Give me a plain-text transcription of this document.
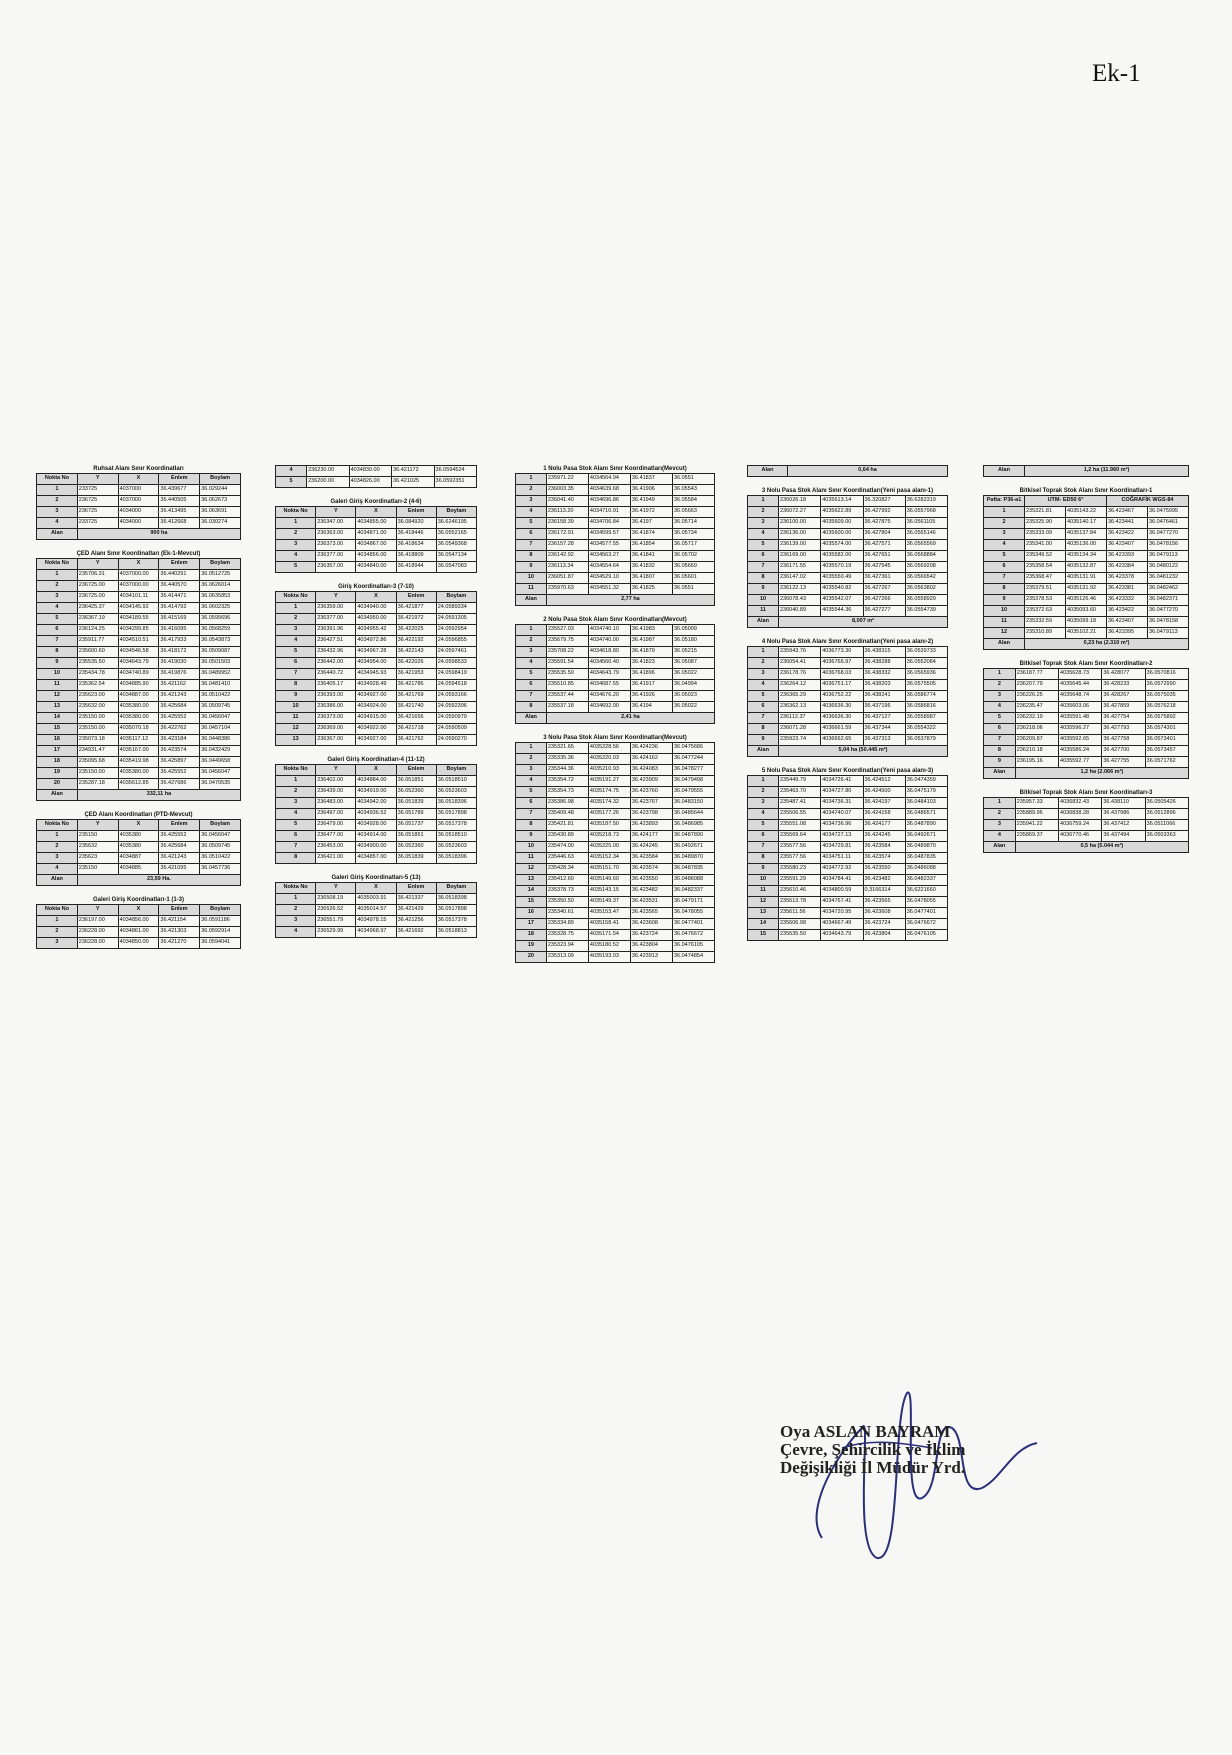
Ek-1
Ruhsat Alanı Sınır Koordinatları
Nokta No	Y	X	Enlem	Boylam
1	233725	4037000	36.439677	36.029244
2	236725	4037000	36.440505	36.062673
3	236725	4034000	36.413495	36.063691
4	233725	4034000	36.412668	36.030274
Alan	900 ha			
ÇED Alanı Sınır Koordinatları (Ek-1-Mevcut)
Nokta No	Y	X	Enlem	Boylam
1	235706.31	4037000.00	36.440291	36.0512725
2	236725.00	4037000.00	36.440570	36.0626014
3	236725.00	4034101.11	36.414471	36.0635853
4	236425.37	4034145.92	36.414792	36.0602325
5	236367.19	4034189.55	36.415169	36.0595696
6	236124.25	4034299.85	36.416095	36.0568259
7	235911.77	4034510.51	36.417933	36.0543873
8	235600.60	4034546.58	36.418172	36.0509087
9	235535.50	4034643.79	36.419030	36.0501503
10	235434.78	4034740.89	36.419876	36.0489952
11	235362.54	4034885.90	36.421162	36.0481410
12	235623.00	4034887.00	36.421243	36.0510422
13	235632.00	4035380.00	36.425684	36.0509745
14	235150.00	4035380.00	36.425552	36.0456047
15	235150.00	4035070.18	36.422762	36.0457104
16	235073.18	4035117.12	36.423184	36.0448386
17	234931.47	4035167.00	36.423574	36.0432429
18	235095.68	4035419.98	36.425897	36.0449658
19	235150.00	4035380.00	36.425552	36.0456047
20	235287.18	4035612.85	36.427686	36.0470535
Alan	332,11 ha			
ÇED Alanı Koordinatları (PTD-Mevcut)
Nokta No	Y	X	Enlem	Boylam
1	235150	4035380	36.425552	36.0456047
2	235632	4035380	36.425684	36.0509745
3	235623	4034887	36.421243	36.0510422
4	235150	4034885	36.421095	36.0457736
Alan	23,59 Ha.			
Galeri Giriş Koordinatları-1 (1-3)
Nokta No	Y	X	Enlem	Boylam
1	236197.00	4034856.00	36.421154	36.0591186
2	236228.00	4034861.00	36.421303	36.0592914
3	236228.00	4034850.00	36.421270	36.0594041
4	236230.00	4034830.00	36.421172	36.0594524
5	236200.00	4034826.00	36.421025	36.0592351
Galeri Giriş Koordinatları-2 (4-6)
Nokta No	Y	X	Enlem	Boylam
1	236347.00	4034855.00	36.084920	36.6246195
2	236363.00	4034871.00	36.418446	36.0552165
3	236373.00	4034867.00	36.418634	36.0549368
4	236377.00	4034856.00	36.418809	36.0547134
5	236357.00	4034840.00	36.418944	36.0547083
Giriş Koordinatları-3 (7-10)
Nokta No	Y	X	Enlem	Boylam
1	236359.00	4034940.00	36.421877	24.0589334
2	236377.00	4034950.00	36.421972	24.0591305
3	236391.96	4034955.42	36.422025	24.0592954
4	236427.51	4034972.86	36.422192	24.0596855
5	236432.96	4034967.28	36.422143	24.0597461
6	236442.00	4034954.00	36.422026	24.0598533
7	236440.72	4034945.93	36.421953	24.0598419
8	236405.17	4034928.49	36.421786	24.0594518
9	236393.00	4034927.00	36.421769	24.0593166
10	236386.00	4034924.00	36.421740	24.0592396
11	236373.00	4034915.00	36.421656	24.0590979
12	236369.00	4034922.00	36.421718	24.0590509
13	236367.00	4034927.00	36.421762	24.0590270
Galeri Giriş Koordinatları-4 (11-12)
Nokta No	Y	X	Enlem	Boylam
1	236402.00	4034884.00	36.051851	36.0518510
2	236439.00	4034919.00	36.052360	36.0523603
3	236483.00	4034942.00	36.051839	36.0518396
4	236497.00	4034936.52	36.051789	36.0517898
5	236479.00	4034928.00	36.051737	36.0517378
6	236477.00	4034914.00	36.051851	36.0518510
7	236453.00	4034900.00	36.052360	36.0523603
8	236421.00	4034857.00	36.051839	36.0518396
Galeri Giriş Koordinatları-5 (13)
Nokta No	Y	X	Enlem	Boylam
1	236508.19	4035003.91	36.421337	36.0518398
2	236526.52	4035014.57	36.421429	36.0517898
3	236551.79	4034978.15	36.421256	36.0517378
4	236529.99	4034968.97	36.421692	36.0518813
1 Nolu Pasa Stok Alanı Sınır Koordinatları(Mevcut)
1	235971.22	4034564.94	36.41837	36.0551
2	236003.35	4034639.68	36.41906	36.05543
3	236041.40	4034696.86	36.41949	36.05584
4	236113.20	4034710.91	36.41972	36.05663
5	236158.39	4034706.84	36.4197	36.05714
6	236172.91	4034599.57	36.41874	36.05734
7	236157.28	4034577.55	36.41854	36.05717
8	236142.92	4034563.27	36.41841	36.05702
9	236113.34	4034554.64	36.41832	36.05669
10	236051.87	4034529.10	36.41807	36.05601
11	235970.63	4034551.32	36.41825	36.0551
Alan	2,77 ha			
2 Nolu Pasa Stok Alanı Sınır Koordinatları(Mevcut)
1	235527.03	4034740.10	36.41983	36.05009
2	235679.75	4034740.00	36.41987	36.05180
3	235708.22	4034618.80	36.41879	36.05215
4	235591.54	4034560.40	36.41823	36.05087
5	235535.50	4034643.79	36.41896	36.05022
6	235510.85	4034687.55	36.41917	36.04994
7	235537.44	4034676.20	36.41926	36.05023
8	235537.18	4034692.00	36.4194	36.05022
Alan	2,41 ha			
3 Nolu Pasa Stok Alanı Sınır Koordinatları(Mevcut)
1	235321.65	4035228.56	36.424236	36.0475686
2	235335.36	4035220.03	36.424162	36.0477244
3	235344.36	4035210.93	36.424083	36.0478277
4	235354.72	4035191.27	36.423909	36.0479498
5	235354.73	4035174.75	36.423760	36.0479555
6	235386.98	4035174.32	36.423767	36.0483150
7	235409.48	4035177.26	36.423798	36.0485644
8	235421.81	4035187.50	36.423893	36.0486985
9	235430.89	4035218.73	36.424177	36.0487890
10	235474.00	4035225.00	36.424245	36.0492671
11	235446.63	4035152.34	36.423584	36.0489870
12	235428.34	4035151.70	36.423574	36.0487835
13	235412.60	4035149.60	36.423550	36.0486088
14	235378.73	4035143.15	36.423482	36.0482337
15	235350.50	4035149.37	36.423531	36.0479171
16	235340.61	4035153.47	36.423565	36.0478055
17	235334.89	4035158.41	36.423608	36.0477401
18	235328.75	4035171.54	36.423724	36.0476672
19	235323.94	4035180.52	36.423804	36.0476105
20	235313.09	4035193.03	36.423913	36.0474854
Alan	0,64 ha
3 Nolu Pasa Stok Alanı Sınır Koordinatları(Yeni pasa alanı-1)
1	236026.18	4035613.14	36.320827	36.6282319
2	236072.27	4035622.89	36.427992	36.0557968
3	236100.00	4035609.00	36.427875	36.0561105
4	236136.00	4035600.00	36.427804	36.0565146
5	236139.00	4035574.00	36.427571	36.0565569
6	236169.00	4035582.00	36.427651	36.0568884
7	236171.55	4035570.19	36.427545	36.0569208
8	236147.02	4035550.49	36.427361	36.0566542
9	236122.13	4035540.82	36.427267	36.0563802
10	236078.43	4035542.07	36.427266	36.0558929
11	236040.89	4035544.36	36.427277	36.0554739
Alan	8,007 m²			
4 Nolu Pasa Stok Alanı Sınır Koordinatları(Yeni pasa alanı-2)
1	235943.76	4036773.30	36.438315	36.0539733
2	236054.41	4036766.97	36.438288	36.0552084
3	236178.76	4036768.03	36.438332	36.0565936
4	236264.12	4036751.17	36.438203	36.0575505
5	236365.29	4036752.22	36.438241	36.0586774
6	236362.13	4036636.30	36.437196	36.0586816
7	236112.37	4036636.30	36.437127	36.0558987
8	236071.28	4036661.59	36.437344	36.0554322
9	235923.74	4036662.65	36.437313	36.0537879
Alan	5,04 ha (50.445 m²)			
5 Nolu Pasa Stok Alanı Sınır Koordinatları(Yeni pasa alanı-3)
1	235449.79	4034726.41	36.424512	36.0474359
2	235463.70	4034727.80	36.424500	36.0475179
3	235487.41	4034736.31	36.424197	36.0484103
4	235506.55	4034740.07	36.424158	36.0486571
5	235551.08	4034736.96	36.424177	36.0487890
6	235569.64	4034727.13	36.424245	36.0492671
7	235577.56	4034729.81	36.423584	36.0489870
8	235577.56	4034751.11	36.423574	36.0487835
9	235580.23	4034772.92	36.423550	36.0486088
10	235591.29	4034784.41	36.423482	36.0482337
11	235610.46	4034800.59	0,3166314	36,6221660
12	235613.78	4034767.41	36.423565	36.0478055
13	235611.56	4034720.95	36.423608	36.0477401
14	235606.98	4034667.49	36.423724	36.0476672
15	235535.50	4034643.79	36.423804	36.0476105
Alan	1,2 ha (11.960 m²)
Bitkisel Toprak Stok Alanı Sınır Koordinatları-1
Pafta: P36-a1	UTM- ED50 6°		COĞRAFİK WGS-84	
1	235321.81	4035143.22	36.423467	36.0475995
2	235325.90	4035140.17	36.423441	36.0476461
3	235333.09	4035137.84	36.423422	36.0477270
4	235341.00	4035136.00	36.423407	36.0478156
5	235349.52	4035134.34	36.423393	36.0479113
6	235358.54	4035132.87	36.423384	36.0480122
7	235368.47	4035131.91	36.423378	36.0481232
8	235379.51	4035131.92	36.423381	36.0482462
9	235378.53	4035126.46	36.423332	36.0482371
10	235372.63	4035093.60	36.423422	36.0477270
11	235332.59	4035099.18	36.423407	36.0478158
12	235310.89	4035102.21	36.423395	36.0479113
Alan	0,23 ha (2.310 m²)			
Bitkisel Toprak Stok Alanı Sınır Koordinatları-2
1	236187.77	4035628.73	36.428077	36.0570816
2	236207.79	4035645.44	36.428233	36.0572990
3	236226.25	4035648.74	36.428267	36.0575035
4	236235.47	4035603.06	36.427859	36.0576218
5	236232.19	4035591.48	36.427754	36.0575892
6	236218.06	4035596.27	36.427793	36.0574301
7	236209.87	4035592.65	36.427758	36.0573401
8	236210.18	4035586.24	36.427700	36.0573457
9	236195.16	4035592.77	36.427755	36.0571762
Alan	1,2 ha (2.066 m²)			
Bitkisel Toprak Stok Alanı Sınır Koordinatları-3
1	235957.33	4036832.43	36.438110	36.0505426
2	235889.96	4036838.28	36.437986	36.0512896
3	235941.22	4036759.24	36.437412	36.0511066
4	235869.37	4036770.46	36.437494	36.0503363
Alan	0,5 ha (5.044 m²)			
Oya ASLAN BAYRAM
Çevre, Şehircilik ve İklim
Değişikliği İl Müdür Yrd.
